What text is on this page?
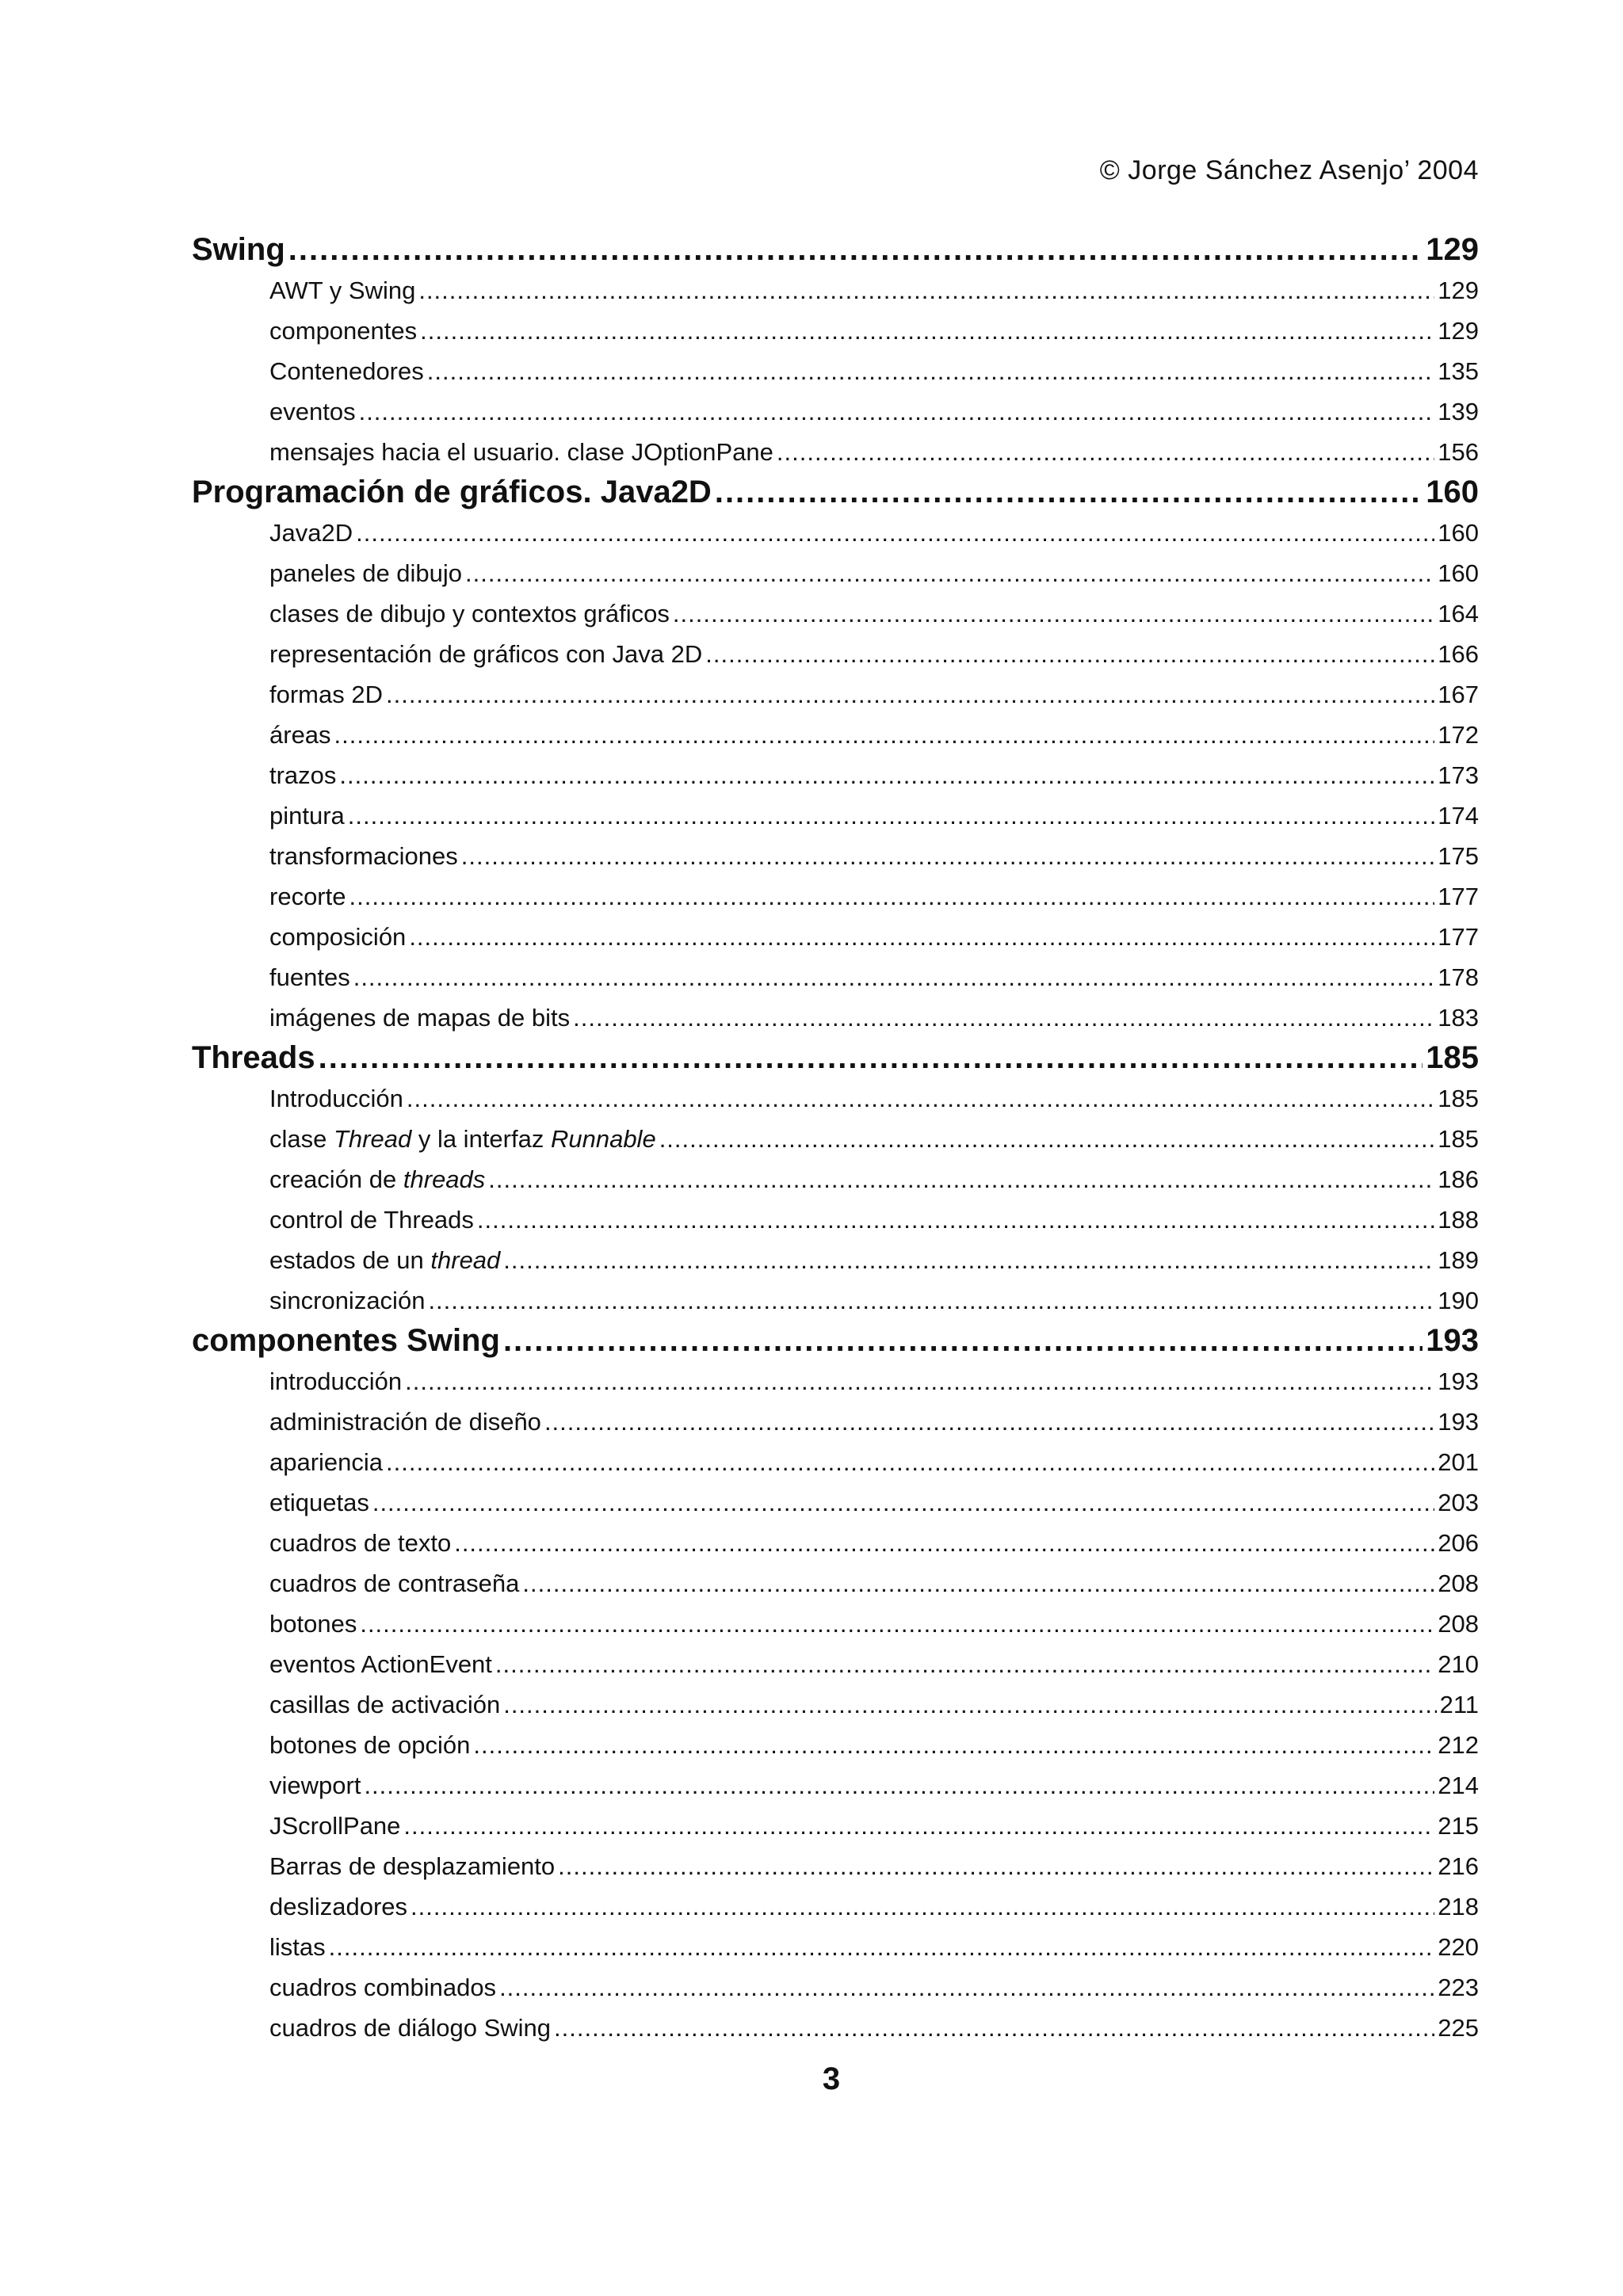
© Jorge Sánchez Asenjo’ 2004
Swing .....	129
AWT y Swing .....	129
componentes .....	129
Contenedores .....	135
eventos .....	139
mensajes hacia el usuario. clase JOptionPane .....	156
Programación de gráficos. Java2D .....	160
Java2D .....	160
paneles de dibujo .....	160
clases de dibujo y contextos gráficos .....	164
representación de gráficos con Java 2D .....	166
formas 2D .....	167
áreas .....	172
trazos .....	173
pintura .....	174
transformaciones .....	175
recorte .....	177
composición .....	177
fuentes .....	178
imágenes de mapas de bits .....	183
Threads .....	185
Introducción .....	185
clase Thread y la interfaz Runnable .....	185
creación de threads .....	186
control de Threads .....	188
estados de un thread .....	189
sincronización .....	190
componentes Swing .....	193
introducción .....	193
administración de diseño .....	193
apariencia .....	201
etiquetas .....	203
cuadros de texto .....	206
cuadros de contraseña .....	208
botones .....	208
eventos ActionEvent .....	210
casillas de activación .....	211
botones de opción .....	212
viewport .....	214
JScrollPane .....	215
Barras de desplazamiento .....	216
deslizadores .....	218
listas .....	220
cuadros combinados .....	223
cuadros de diálogo Swing .....	225
3
